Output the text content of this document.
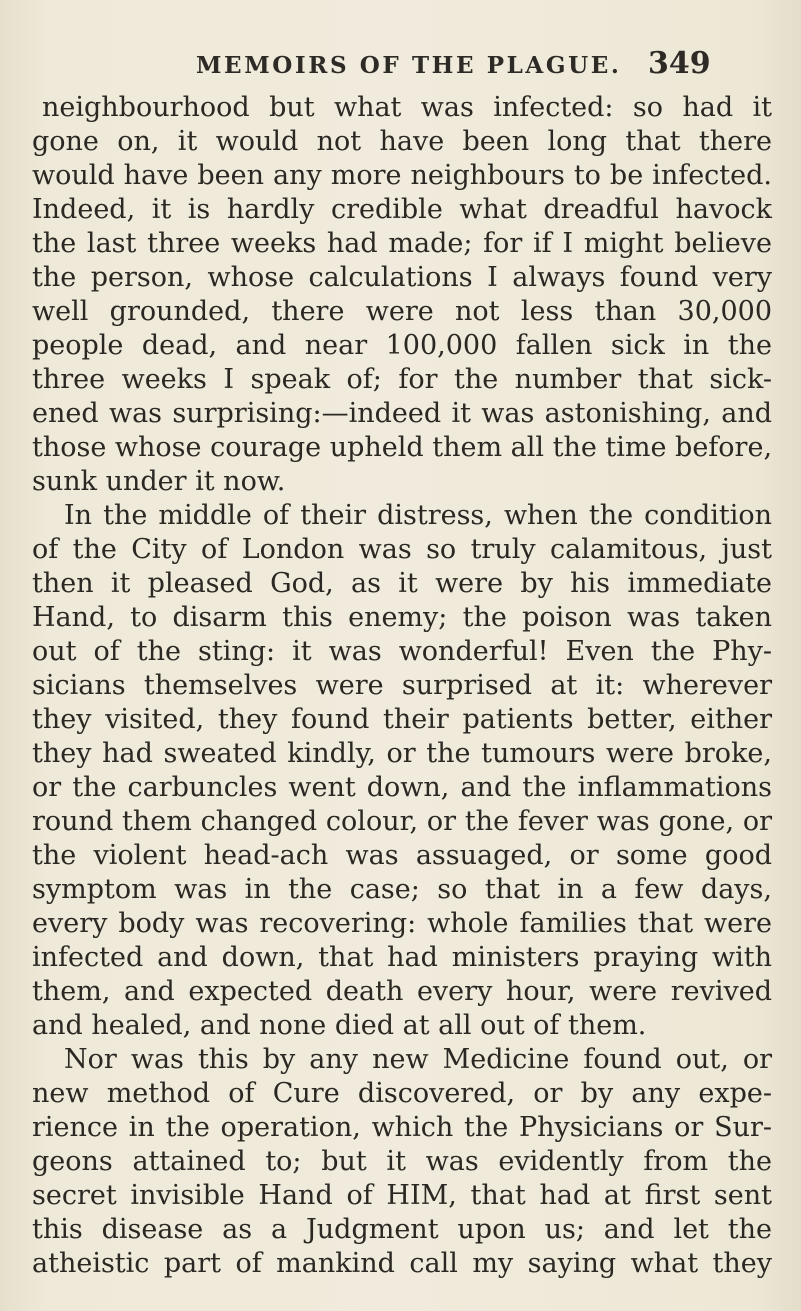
MEMOIRS OF THE PLAGUE. 349
neighbourhood but what was infected: so had it
gone on, it would not have been long that there
would have been any more neighbours to be infected.
Indeed, it is hardly credible what dreadful havock
the last three weeks had made; for if I might believe
the person, whose calculations I always found very
well grounded, there were not less than 30,000
people dead, and near 100,000 fallen sick in the
three weeks I speak of; for the number that sick-
ened was surprising:—indeed it was astonishing, and
those whose courage upheld them all the time before,
sunk under it now.
In the middle of their distress, when the condition
of the City of London was so truly calamitous, just
then it pleased God, as it were by his immediate
Hand, to disarm this enemy; the poison was taken
out of the sting: it was wonderful! Even the Phy-
sicians themselves were surprised at it: wherever
they visited, they found their patients better, either
they had sweated kindly, or the tumours were broke,
or the carbuncles went down, and the inflammations
round them changed colour, or the fever was gone, or
the violent head-ach was assuaged, or some good
symptom was in the case; so that in a few days,
every body was recovering: whole families that were
infected and down, that had ministers praying with
them, and expected death every hour, were revived
and healed, and none died at all out of them.
Nor was this by any new Medicine found out, or
new method of Cure discovered, or by any expe-
rience in the operation, which the Physicians or Sur-
geons attained to; but it was evidently from the
secret invisible Hand of HIM, that had at first sent
this disease as a Judgment upon us; and let the
atheistic part of mankind call my saying what they
